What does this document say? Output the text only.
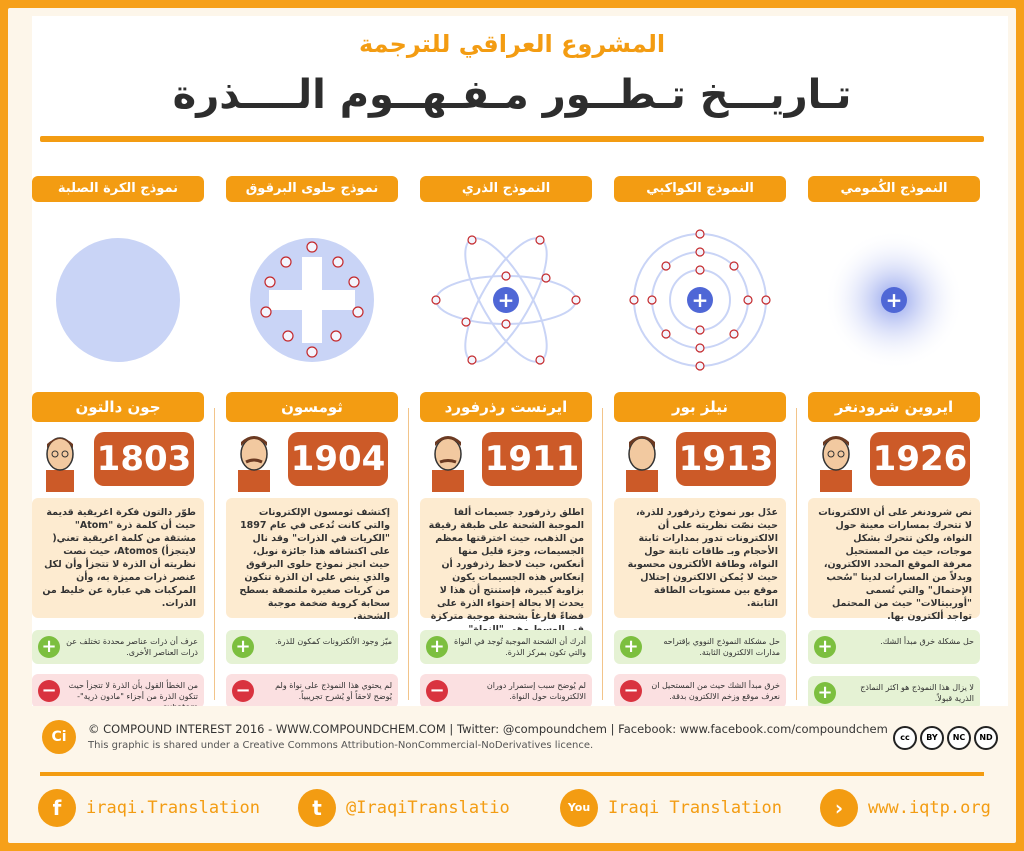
المشروع العراقي للترجمة
تـاريـــخ تـطــور مـفـهــوم الــــذرة
نموذج الكرة الصلبة
جون دالتون
1803
طوّر دالتون فكرة اغريقية قديمة حيث أن كلمة ذرة "Atom" مشتقة من كلمة اغريقية تعني( لايتجزأ) Atomos، حيث نصت نظريته أن الذرة لا تتجزأ وأن لكل عنصر ذرات مميزة به، وأن المركبات هي عبارة عن خليط من الذرات.
+	عرف أن ذرات عناصر محددة تختلف عن ذرات العناصر الأخرى.
−	من الخطأ القول بأن الذرة لا تتجزأ حيث تتكون الذرة من أجزاء "مادون ذرية"-
نموذج حلوى البرقوق
ثومسون
1904
إكتشف ثومسون الإلكترونات والتي كانت تُدعى في عام 1897 "الكريات في الذرات" وقد نال على اكتشافه هذا جائزة نوبل، حيث انجز نموذج حلوى البرقوق والذي ينص على ان الذرة تتكون من كريات صغيرة ملتصقة بسطح سحابة كروية ضخمة موجبة الشحنة.
+	ميّز وجود الألكترونات كمكون للذرة.
−	لم يحتوي هذا النموذج على نواة ولم يُوضح لاحقاً أو يُشرح تجريبياً.
النموذج الذري
+
ايرنست رذرفورد
1911
اطلق رذرفورد جسيمات ألفا الموجبة الشحنة على طبقة رقيقة من الذهب، حيث اخترقتها معظم الجسيمات، وجزء قليل منها أنعكس، حيث لاحظ رذرفورد أن إنعكاس هذه الجسيمات يكون بزاوية كبيرة، فإستنتج أن هذا لا يحدث إلا بحالة إحتواء الذرة على فضاءً فارغاً بشحنة موجبة متركزة
+	أدرك أن الشحنة الموجبة تُوجد في النواة والتي تكون بمركز الذرة.
−	لم يُوضح سبب إستمرار دوران الالكترونات حول النواة.
النموذج الكواكبي
+
نيلز بور
1913
عدّل بور نموذج رذرفورد للذرة، حيث نصّت نظريته على أن الالكترونات تدور بمدارات ثابتة الأحجام وبـ طاقات ثابتة حول النواة، وطاقة الألكترون محسوبة حيث لا يُمكن الالكترون إحتلال موقع بين مستويات الطاقة الثابتة.
+	حل مشكلة النموذج النووي بإقتراحه مدارات الالكترون الثابتة.
−	خرق مبدأ الشك حيث من المستحيل ان نعرف موقع وزخم الالكترون بدقة.
النموذج الكُمومي
+
ايروين شرودنغر
1926
نص شرودنغر على أن الالكترونات لا تتحرك بمسارات معينة حول النواة، ولكن تتحرك بشكل موجات، حيث من المستحيل معرفة الموقع المحدد الالكترون، وبدلاً من المسارات لدينا "سُحب الإحتمال" والتي تُسمى "أوربيتالات" حيث من المحتمل تواجد ألكترون بها.
+	حل مشكلة خرق مبدأ الشك.
+	لا يزال هذا النموذج هو اكثر النماذج الذرية قبولاً.
Ci	© COMPOUND INTEREST 2016 - WWW.COMPOUNDCHEM.COM | Twitter: @compoundchem | Facebook: www.facebook.com/compoundchem
This graphic is shared under a Creative Commons Attribution-NonCommercial-NoDerivatives licence.
cc	BY	NC	ND
f	iraqi.Translation	t	@IraqiTranslatio	You	Iraqi Translation	›	www.iqtp.org
